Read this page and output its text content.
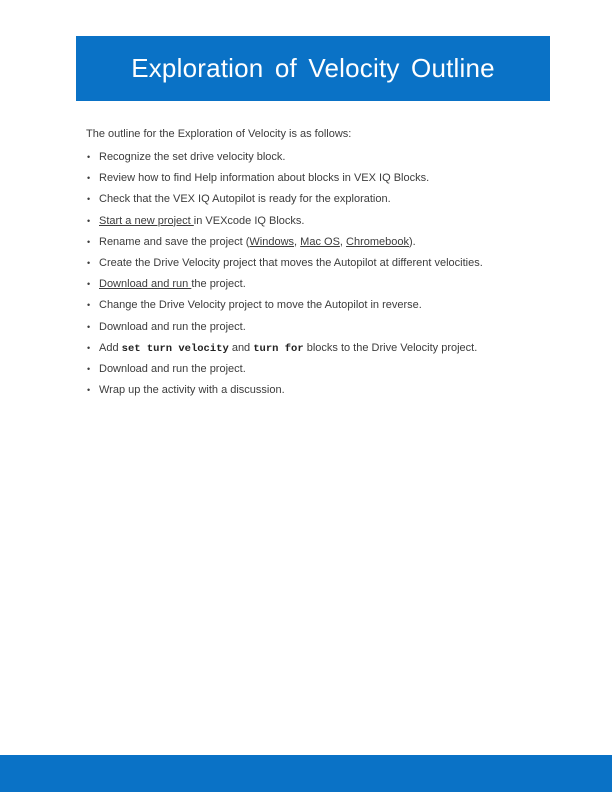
Exploration of Velocity Outline

The outline for the Exploration of Velocity is as follows:

• Recognize the set drive velocity block.
• Review how to find Help information about blocks in VEX IQ Blocks.
• Check that the VEX IQ Autopilot is ready for the exploration.
• Start a new project in VEXcode IQ Blocks.
• Rename and save the project (Windows, Mac OS, Chromebook).
• Create the Drive Velocity project that moves the Autopilot at different velocities.
• Download and run the project.
• Change the Drive Velocity project to move the Autopilot in reverse.
• Download and run the project.
• Add set turn velocity and turn for blocks to the Drive Velocity project.
• Download and run the project.
• Wrap up the activity with a discussion.
